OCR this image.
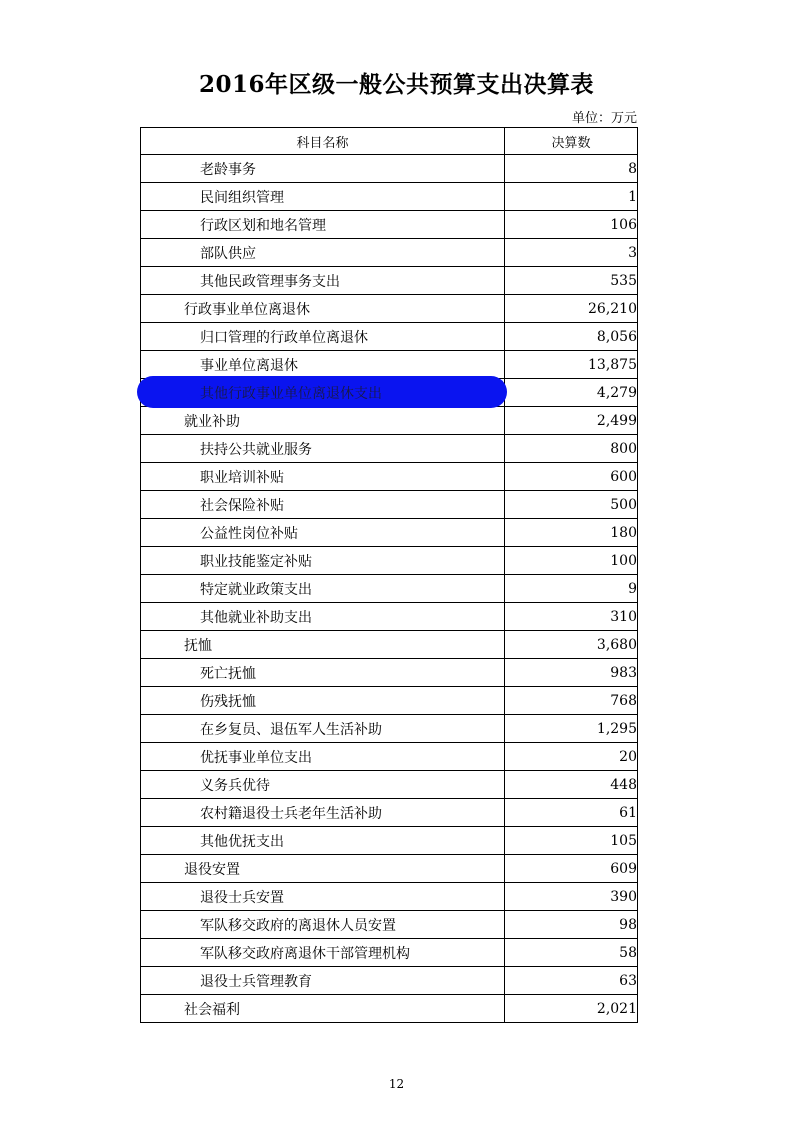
2016年区级一般公共预算支出决算表
单位：万元
科目名称	决算数
老龄事务	8
民间组织管理	1
行政区划和地名管理	106
部队供应	3
其他民政管理事务支出	535
行政事业单位离退休	26,210
归口管理的行政单位离退休	8,056
事业单位离退休	13,875
其他行政事业单位离退休支出	4,279
就业补助	2,499
扶持公共就业服务	800
职业培训补贴	600
社会保险补贴	500
公益性岗位补贴	180
职业技能鉴定补贴	100
特定就业政策支出	9
其他就业补助支出	310
抚恤	3,680
死亡抚恤	983
伤残抚恤	768
在乡复员、退伍军人生活补助	1,295
优抚事业单位支出	20
义务兵优待	448
农村籍退役士兵老年生活补助	61
其他优抚支出	105
退役安置	609
退役士兵安置	390
军队移交政府的离退休人员安置	98
军队移交政府离退休干部管理机构	58
退役士兵管理教育	63
社会福利	2,021
12
